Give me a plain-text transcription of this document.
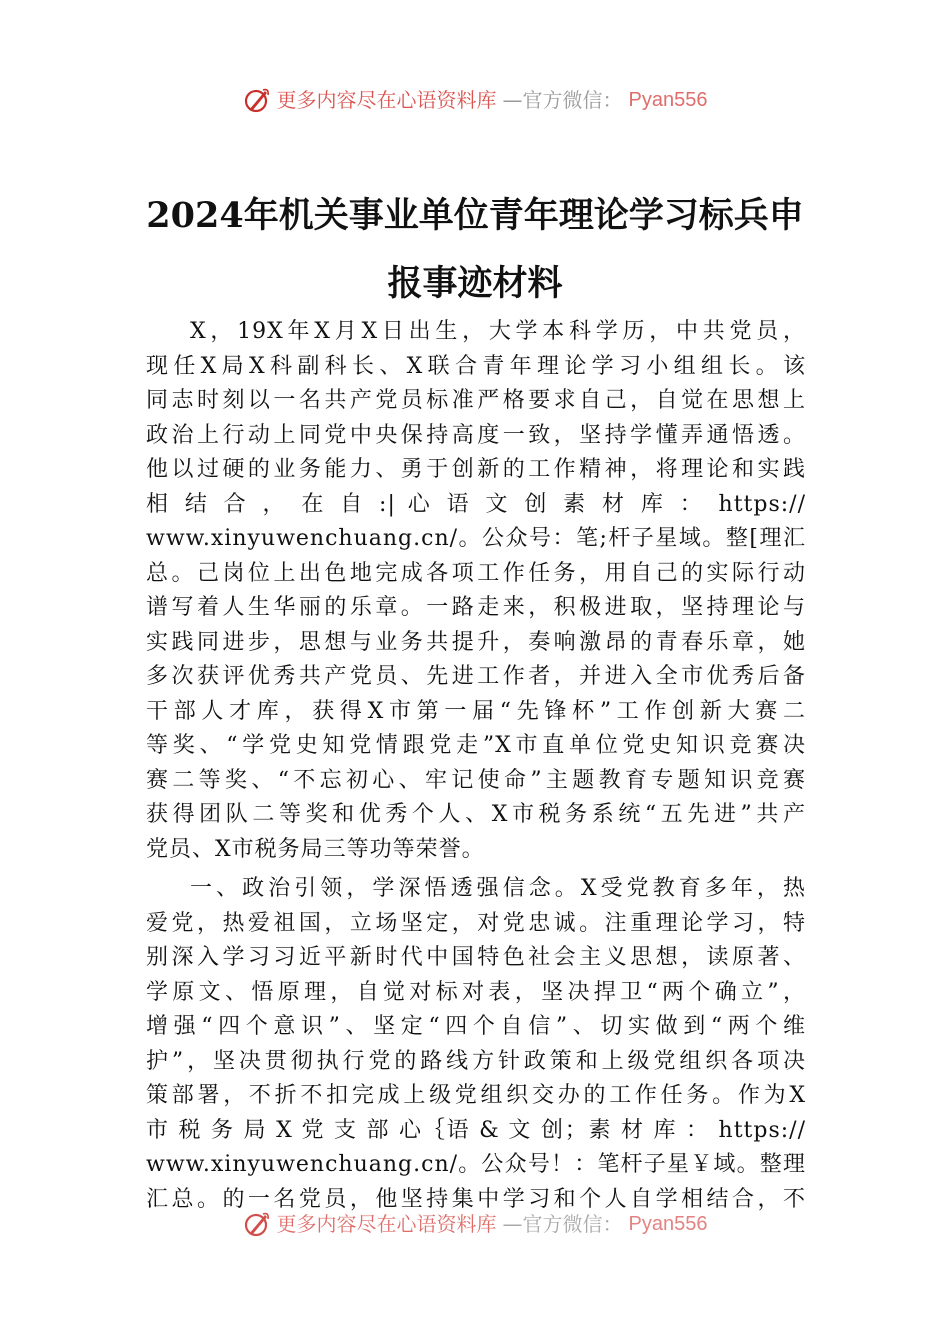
更多内容尽在心语资料库 —官方微信： Pyan556
2024年机关事业单位青年理论学习标兵申
报事迹材料
X，19X年X月X日出生，大学本科学历，中共党员，
现任X局X科副科长、X联合青年理论学习小组组长。该
同志时刻以一名共产党员标准严格要求自己，自觉在思想上
政治上行动上同党中央保持高度一致，坚持学懂弄通悟透。
他以过硬的业务能力、勇于创新的工作精神，将理论和实践
相 结 合 ， 在 自 :| 心 语 文 创 素 材 库 ： https://
www.xinyuwenchuang.cn/。公众号：笔;杆子星域。整[理汇
总。己岗位上出色地完成各项工作任务，用自己的实际行动
谱写着人生华丽的乐章。一路走来，积极进取，坚持理论与
实践同进步，思想与业务共提升，奏响激昂的青春乐章，她
多次获评优秀共产党员、先进工作者，并进入全市优秀后备
干部人才库，获得X市第一届“先锋杯”工作创新大赛二
等奖、“学党史知党情跟党走”X市直单位党史知识竞赛决
赛二等奖、“不忘初心、牢记使命”主题教育专题知识竞赛
获得团队二等奖和优秀个人、X市税务系统“五先进”共产
党员、X市税务局三等功等荣誉。
一、政治引领，学深悟透强信念。X受党教育多年，热
爱党，热爱祖国，立场坚定，对党忠诚。注重理论学习，特
别深入学习习近平新时代中国特色社会主义思想，读原著、
学原文、悟原理，自觉对标对表，坚决捍卫“两个确立”，
增强“四个意识”、坚定“四个自信”、切实做到“两个维
护”，坚决贯彻执行党的路线方针政策和上级党组织各项决
策部署，不折不扣完成上级党组织交办的工作任务。作为X
市 税 务 局 X 党 支 部 心｛语 & 文 创；素 材 库 ： https://
www.xinyuwenchuang.cn/。公众号！：笔杆子星￥域。整理
汇总。的一名党员，他坚持集中学习和个人自学相结合，不
更多内容尽在心语资料库 —官方微信： Pyan556
